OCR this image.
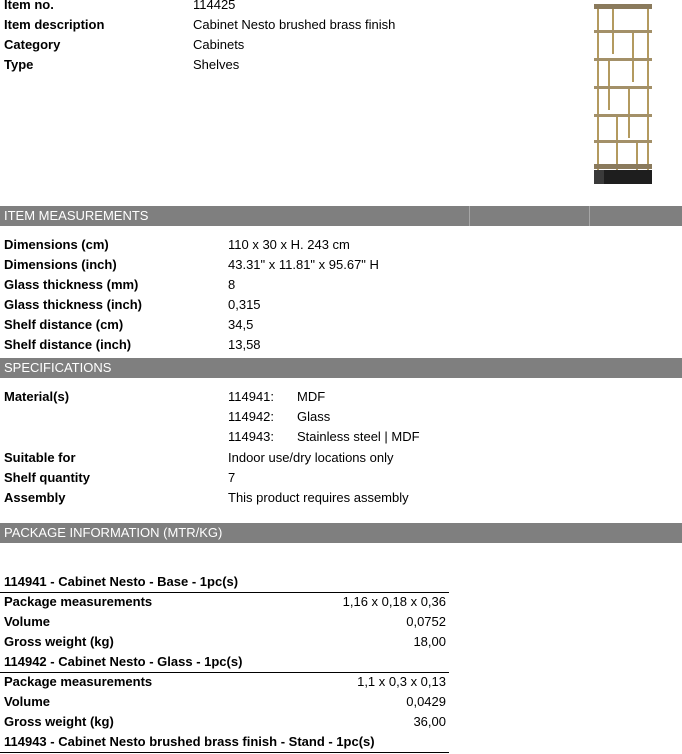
Item no.	114425
Item description	Cabinet Nesto brushed brass finish
Category	Cabinets
Type	Shelves
ITEM MEASUREMENTS
Dimensions (cm)	110 x 30 x H. 243 cm
Dimensions (inch)	43.31" x 11.81" x 95.67" H
Glass thickness (mm)	8
Glass thickness (inch)	0,315
Shelf distance (cm)	34,5
Shelf distance (inch)	13,58
SPECIFICATIONS
Material(s)	114941: MDF
114942: Glass
114943: Stainless steel | MDF
Suitable for	Indoor use/dry locations only
Shelf quantity	7
Assembly	This product requires assembly
PACKAGE INFORMATION (MTR/KG)
114941 - Cabinet Nesto - Base - 1pc(s)
Package measurements	1,16 x 0,18 x 0,36
Volume	0,0752
Gross weight (kg)	18,00
114942 - Cabinet Nesto - Glass - 1pc(s)
Package measurements	1,1 x 0,3 x 0,13
Volume	0,0429
Gross weight (kg)	36,00
114943 - Cabinet Nesto brushed brass finish - Stand - 1pc(s)
